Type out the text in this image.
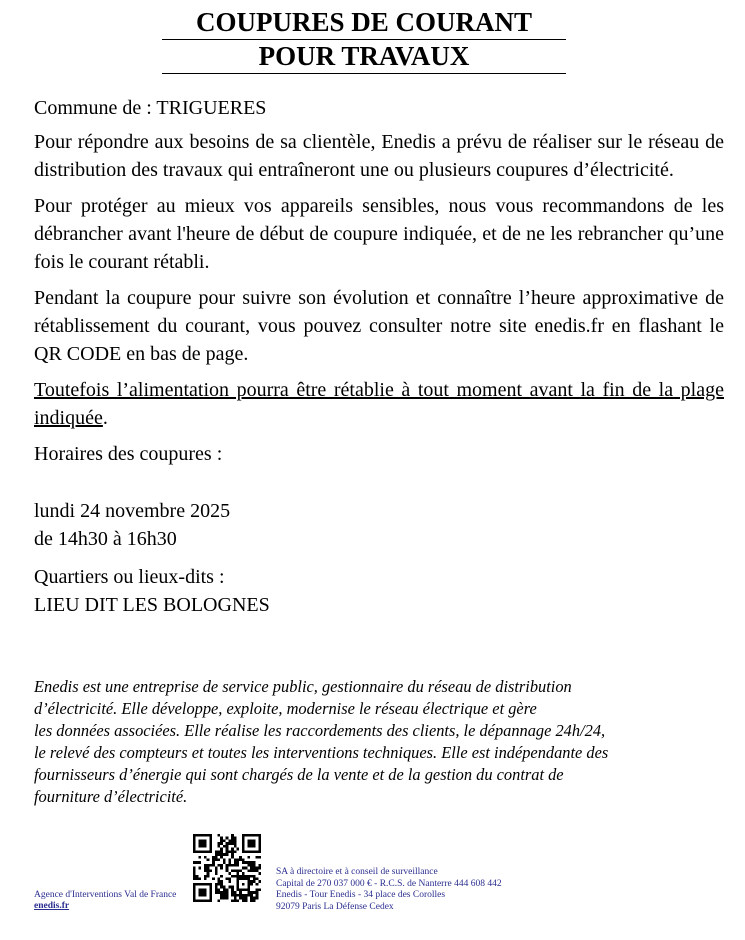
COUPURES DE COURANT
POUR TRAVAUX

Commune de : TRIGUERES

Pour répondre aux besoins de sa clientèle, Enedis a prévu de réaliser sur le réseau de distribution des travaux qui entraîneront une ou plusieurs coupures d’électricité.

Pour protéger au mieux vos appareils sensibles, nous vous recommandons de les débrancher avant l'heure de début de coupure indiquée, et de ne les rebrancher qu’une fois le courant rétabli.

Pendant la coupure pour suivre son évolution et connaître l’heure approximative de rétablissement du courant, vous pouvez consulter notre site enedis.fr en flashant le QR CODE en bas de page.

Toutefois l’alimentation pourra être rétablie à tout moment avant la fin de la plage indiquée.

Horaires des coupures :

lundi 24 novembre 2025

de 14h30 à 16h30

Quartiers ou lieux-dits :

LIEU DIT LES BOLOGNES

Enedis est une entreprise de service public, gestionnaire du réseau de distribution
d’électricité. Elle développe, exploite, modernise le réseau électrique et gère
les données associées. Elle réalise les raccordements des clients, le dépannage 24h/24,
le relevé des compteurs et toutes les interventions techniques. Elle est indépendante des
fournisseurs d’énergie qui sont chargés de la vente et de la gestion du contrat de
fourniture d’électricité.
Agence d'Interventions Val de France
enedis.fr
SA à directoire et à conseil de surveillance
Capital de 270 037 000 € - R.C.S. de Nanterre 444 608 442
Enedis - Tour Enedis - 34 place des Corolles
92079 Paris La Défense Cedex
